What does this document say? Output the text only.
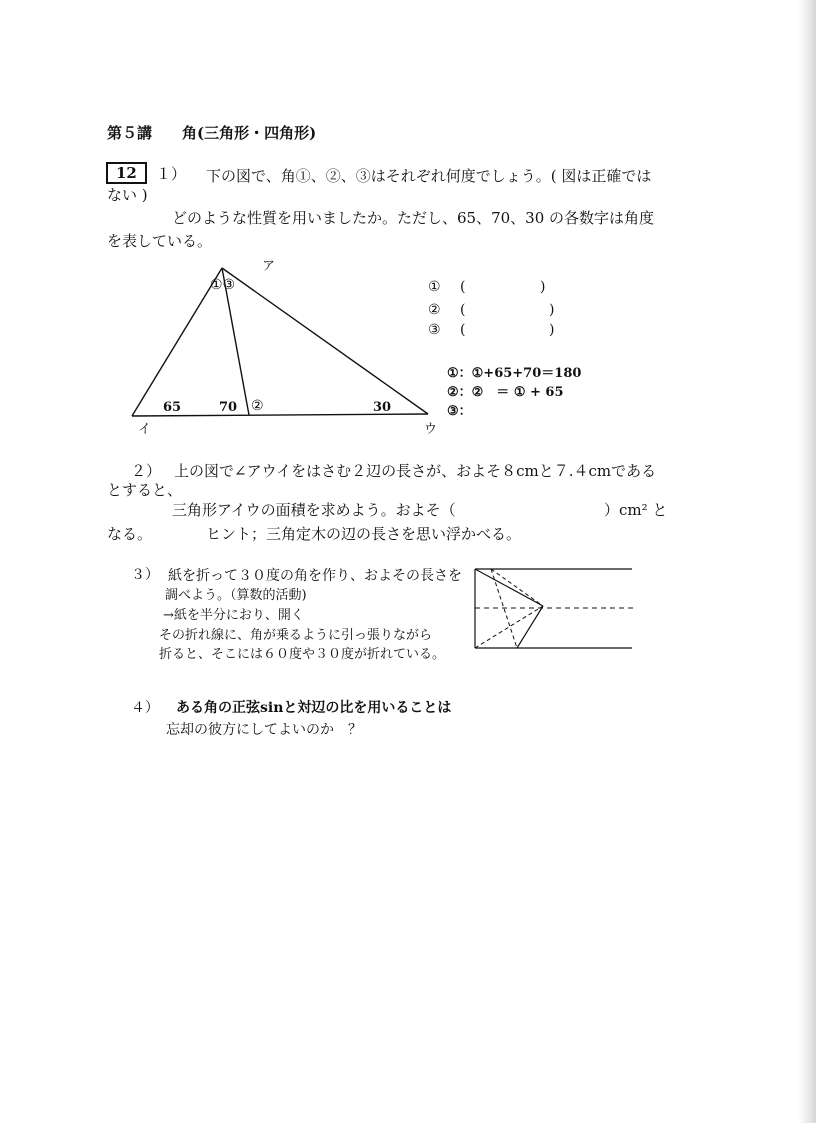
第５講　　角(三角形・四角形)
12	１） 下の図で、角①、②、③はそれぞれ何度でしょう。( 図は正確では
ない )
どのような性質を用いましたか。ただし、65、70、30 の各数字は角度
を表している。
ア
イ	ウ
①③
65	70 ②	30
① (	)
② (	)
③ (	)
①：①+65+70＝180
②：②　＝ ① + 65
③：
２） 上の図で∠アウイをはさむ２辺の長さが、およそ８cmと７.４cmである
とすると、
三角形アイウの面積を求めよう。およそ（	）cm² と
なる。	ヒント；三角定木の辺の長さを思い浮かべる。
３） 紙を折って３０度の角を作り、およその長さを
調べよう。（算数的活動)
→紙を半分におり、開く
その折れ線に、角が乗るように引っ張りながら
折ると、そこには６０度や３０度が折れている。
４） ある角の正弦sinと対辺の比を用いることは
忘却の彼方にしてよいのか　？
